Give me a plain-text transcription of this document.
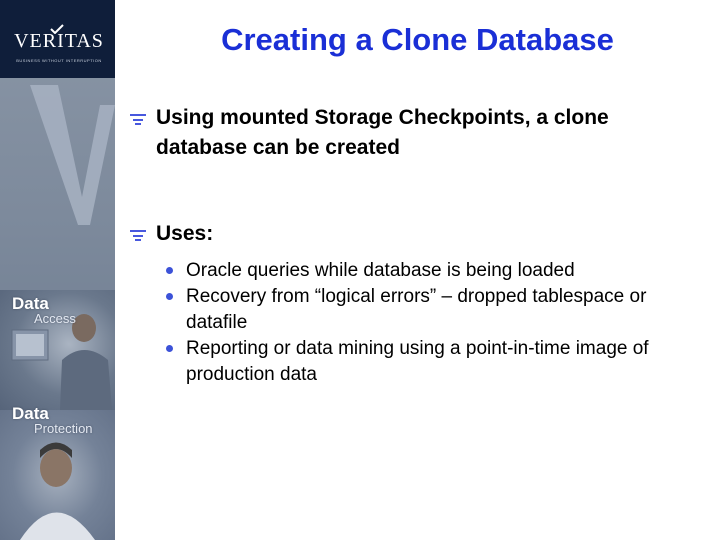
VERITAS
BUSINESS WITHOUT INTERRUPTION
Data
Access
Data
Protection
Creating a Clone Database
Using mounted Storage Checkpoints, a clone database can be created
Uses:
Oracle queries while database is being loaded
Recovery from “logical errors” – dropped tablespace or datafile
Reporting or data mining using a point-in-time image of production data
